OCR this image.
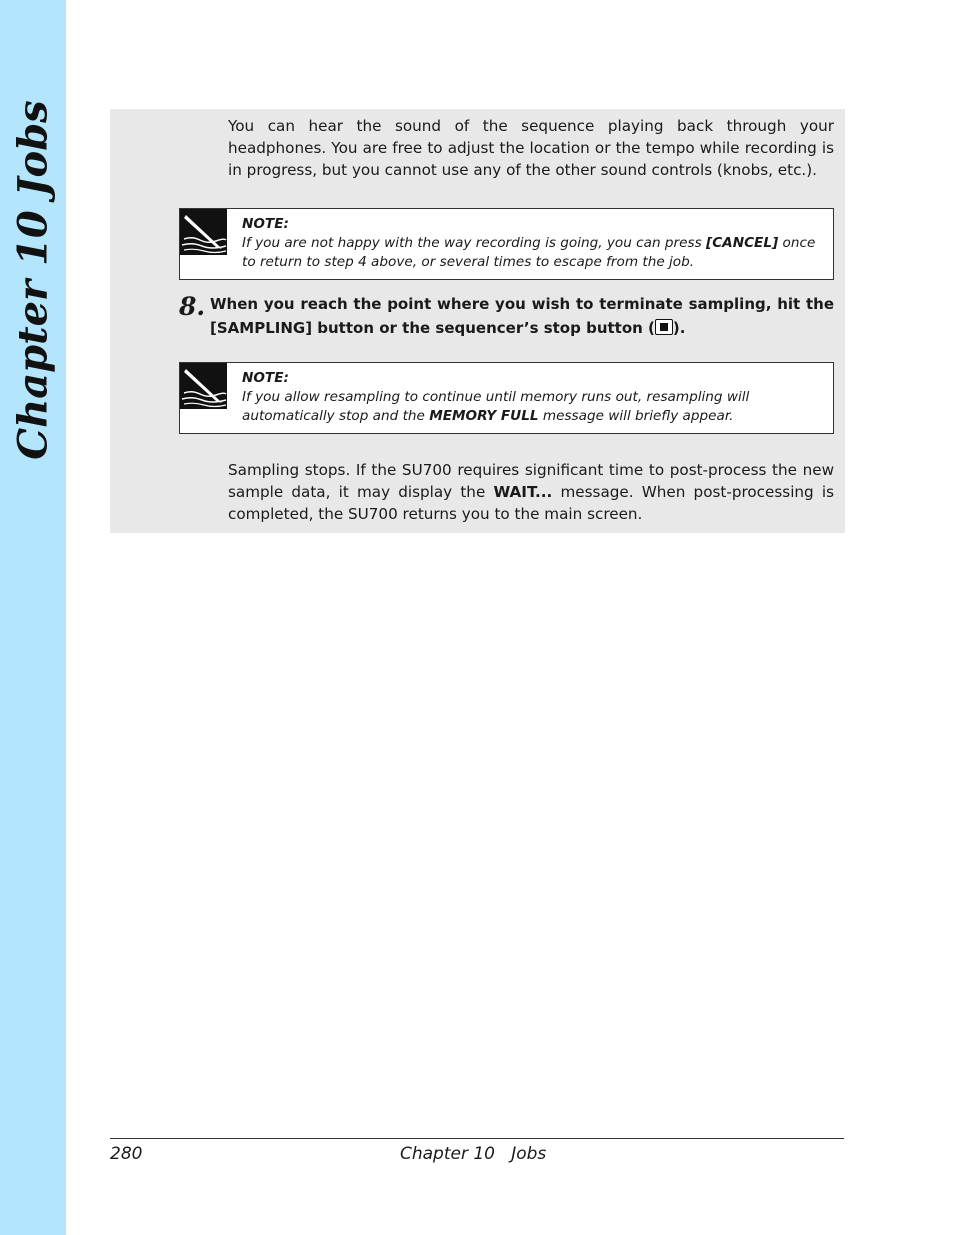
Chapter 10 Jobs	You can hear the sound of the sequence playing back through your headphones. You are free to adjust the location or the tempo while recording is in progress, but you cannot use any of the other sound controls (knobs, etc.).

NOTE:
If you are not happy with the way recording is going, you can press [CANCEL] once to return to step 4 above, or several times to escape from the job.

8. When you reach the point where you wish to terminate sampling, hit the [SAMPLING] button or the sequencer’s stop button ( ).

NOTE:
If you allow resampling to continue until memory runs out, resampling will automatically stop and the MEMORY FULL message will briefly appear.

Sampling stops. If the SU700 requires significant time to post-process the new sample data, it may display the WAIT... message. When post-processing is completed, the SU700 returns you to the main screen.

280	Chapter 10   Jobs
